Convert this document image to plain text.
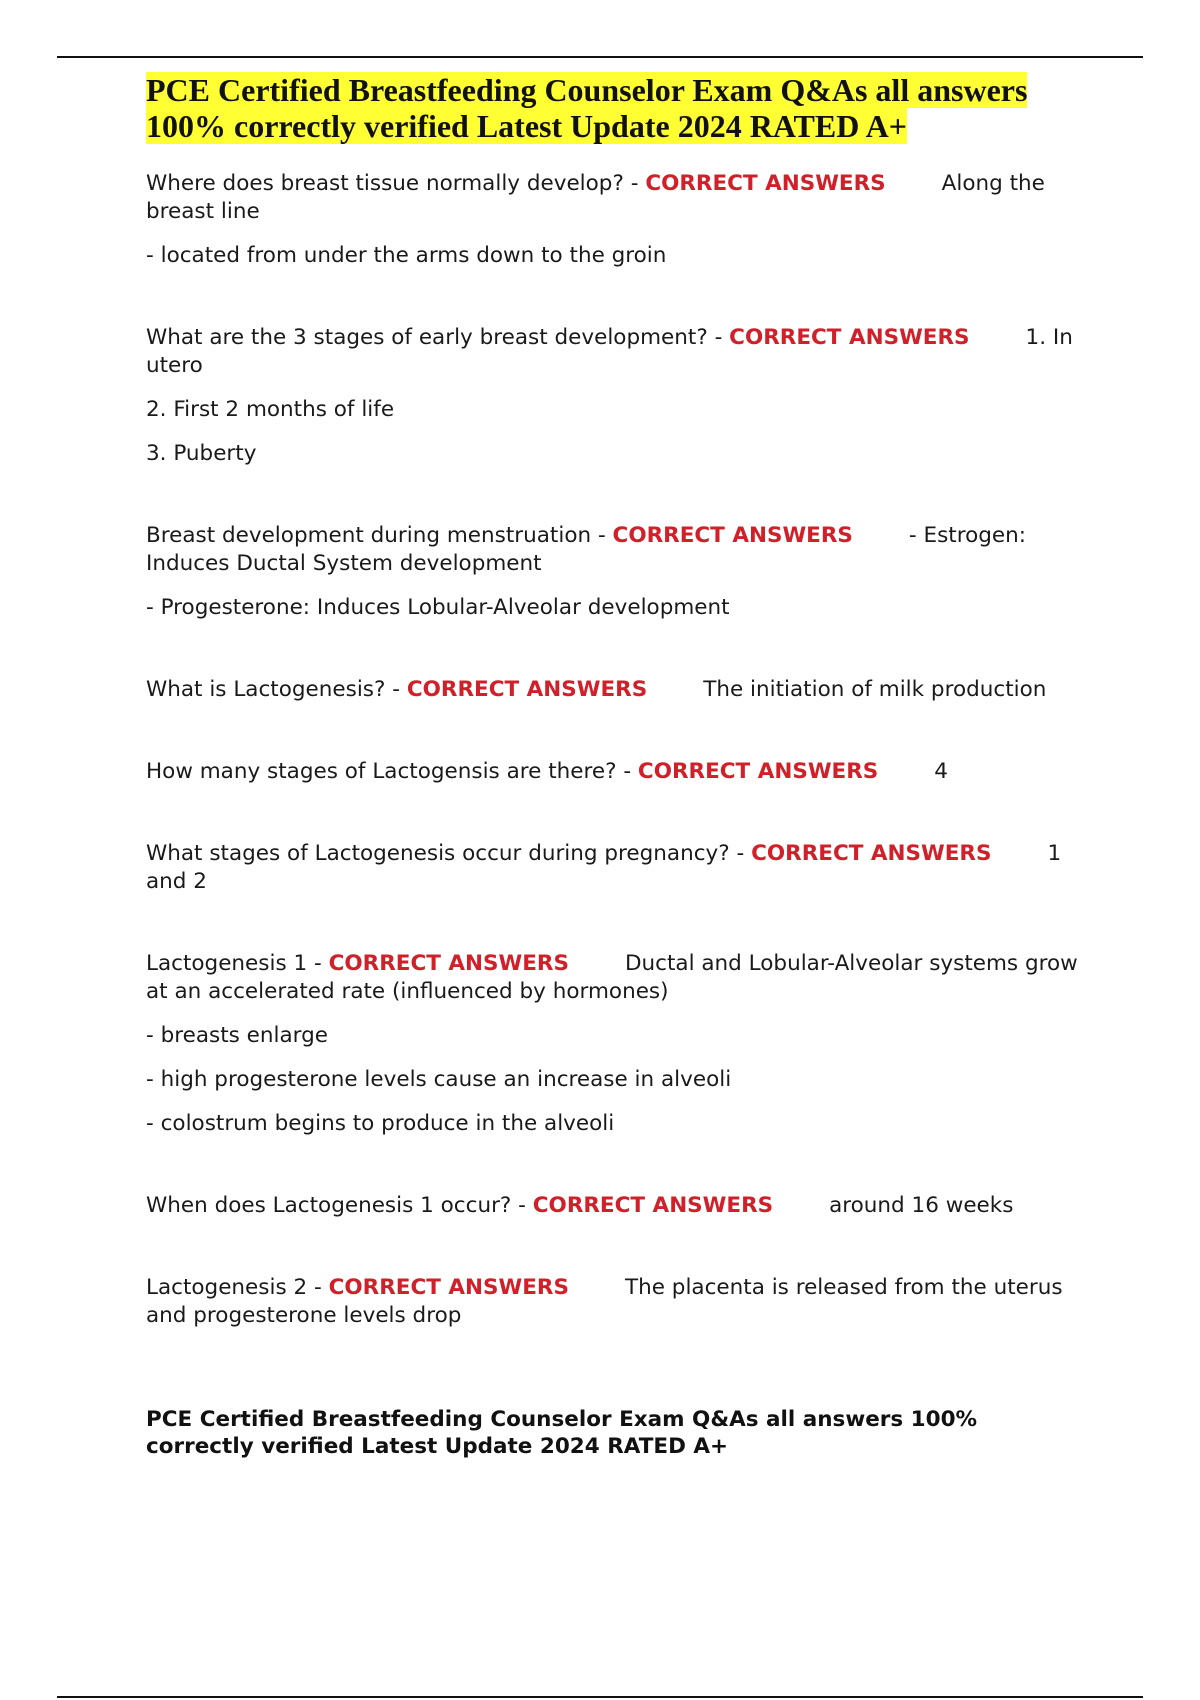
PCE Certified Breastfeeding Counselor Exam Q&As all answers 100% correctly verified Latest Update 2024 RATED A+

Where does breast tissue normally develop? - CORRECT ANSWERS	Along the breast line

- located from under the arms down to the groin

What are the 3 stages of early breast development? - CORRECT ANSWERS	1. In utero

2. First 2 months of life

3. Puberty

Breast development during menstruation - CORRECT ANSWERS	- Estrogen: Induces Ductal System development

- Progesterone: Induces Lobular-Alveolar development

What is Lactogenesis? - CORRECT ANSWERS	The initiation of milk production

How many stages of Lactogensis are there? - CORRECT ANSWERS	4

What stages of Lactogenesis occur during pregnancy? - CORRECT ANSWERS	1 and 2

Lactogenesis 1 - CORRECT ANSWERS	Ductal and Lobular-Alveolar systems grow at an accelerated rate (influenced by hormones)

- breasts enlarge

- high progesterone levels cause an increase in alveoli

- colostrum begins to produce in the alveoli

When does Lactogenesis 1 occur? - CORRECT ANSWERS	around 16 weeks

Lactogenesis 2 - CORRECT ANSWERS	The placenta is released from the uterus and progesterone levels drop

PCE Certified Breastfeeding Counselor Exam Q&As all answers 100% correctly verified Latest Update 2024 RATED A+
